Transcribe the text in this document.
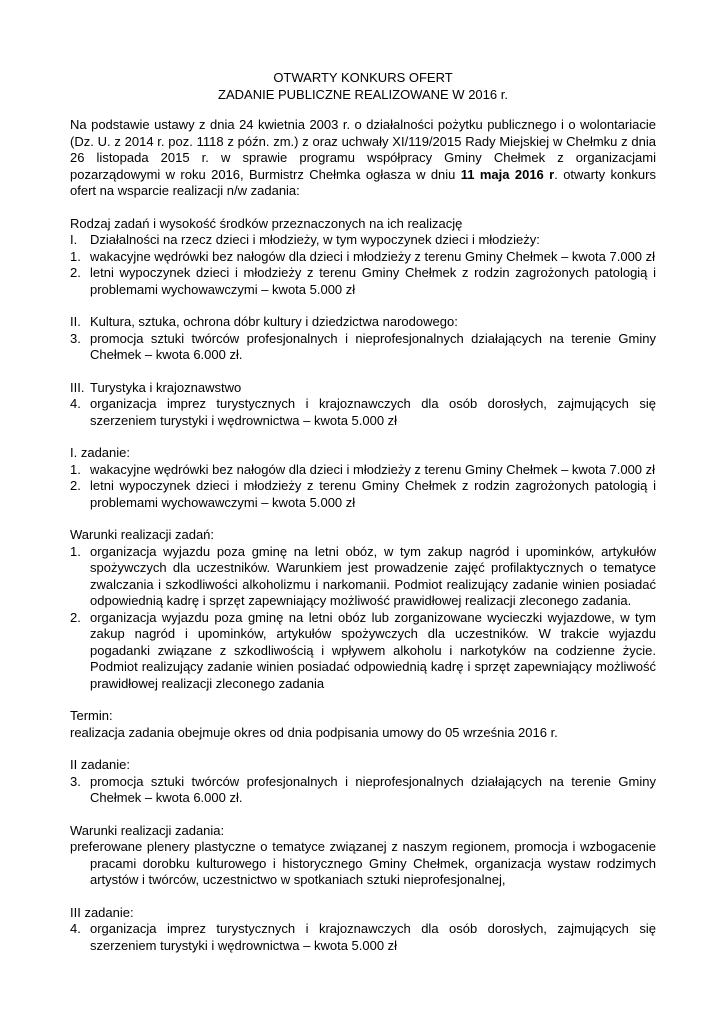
OTWARTY KONKURS OFERT

ZADANIE PUBLICZNE REALIZOWANE W 2016 r.

Na podstawie ustawy z dnia 24 kwietnia 2003 r. o działalności pożytku publicznego i o wolontariacie (Dz. U. z 2014 r. poz. 1118 z późn. zm.) z oraz uchwały XI/119/2015 Rady Miejskiej w Chełmku z dnia 26 listopada 2015 r. w sprawie programu współpracy Gminy Chełmek z organizacjami pozarządowymi w roku 2016, Burmistrz Chełmka ogłasza w dniu 11 maja 2016 r. otwarty konkurs ofert na wsparcie realizacji n/w zadania:

Rodzaj zadań i wysokość środków przeznaczonych na ich realizację

I. Działalności na rzecz dzieci i młodzieży, w tym wypoczynek dzieci i młodzieży:
1. wakacyjne wędrówki bez nałogów dla dzieci i młodzieży z terenu Gminy Chełmek – kwota 7.000 zł
2. letni wypoczynek dzieci i młodzieży z terenu Gminy Chełmek z rodzin zagrożonych patologią i problemami wychowawczymi – kwota 5.000 zł
II. Kultura, sztuka, ochrona dóbr kultury i dziedzictwa narodowego:
3. promocja sztuki twórców profesjonalnych i nieprofesjonalnych działających na terenie Gminy Chełmek – kwota 6.000 zł.
III. Turystyka i krajoznawstwo
4. organizacja imprez turystycznych i krajoznawczych dla osób dorosłych, zajmujących się szerzeniem turystyki i wędrownictwa – kwota 5.000 zł

I. zadanie:

1. wakacyjne wędrówki bez nałogów dla dzieci i młodzieży z terenu Gminy Chełmek – kwota 7.000 zł
2. letni wypoczynek dzieci i młodzieży z terenu Gminy Chełmek z rodzin zagrożonych patologią i problemami wychowawczymi – kwota 5.000 zł

Warunki realizacji zadań:

1. organizacja wyjazdu poza gminę na letni obóz, w tym zakup nagród i upominków, artykułów spożywczych dla uczestników. Warunkiem jest prowadzenie zajęć profilaktycznych o tematyce zwalczania i szkodliwości alkoholizmu i narkomanii. Podmiot realizujący zadanie winien posiadać odpowiednią kadrę i sprzęt zapewniający możliwość prawidłowej realizacji zleconego zadania.
2. organizacja wyjazdu poza gminę na letni obóz lub zorganizowane wycieczki wyjazdowe, w tym zakup nagród i upominków, artykułów spożywczych dla uczestników. W trakcie wyjazdu pogadanki związane z szkodliwością i wpływem alkoholu i narkotyków na codzienne życie. Podmiot realizujący zadanie winien posiadać odpowiednią kadrę i sprzęt zapewniający możliwość prawidłowej realizacji zleconego zadania

Termin:

realizacja zadania obejmuje okres od dnia podpisania umowy do 05 września 2016 r.

II zadanie:

3. promocja sztuki twórców profesjonalnych i nieprofesjonalnych działających na terenie Gminy Chełmek – kwota 6.000 zł.

Warunki realizacji zadania:

preferowane plenery plastyczne o tematyce związanej z naszym regionem, promocja i wzbogacenie pracami dorobku kulturowego i historycznego Gminy Chełmek, organizacja wystaw rodzimych artystów i twórców, uczestnictwo w spotkaniach sztuki nieprofesjonalnej,

III zadanie:

4. organizacja imprez turystycznych i krajoznawczych dla osób dorosłych, zajmujących się szerzeniem turystyki i wędrownictwa – kwota 5.000 zł
